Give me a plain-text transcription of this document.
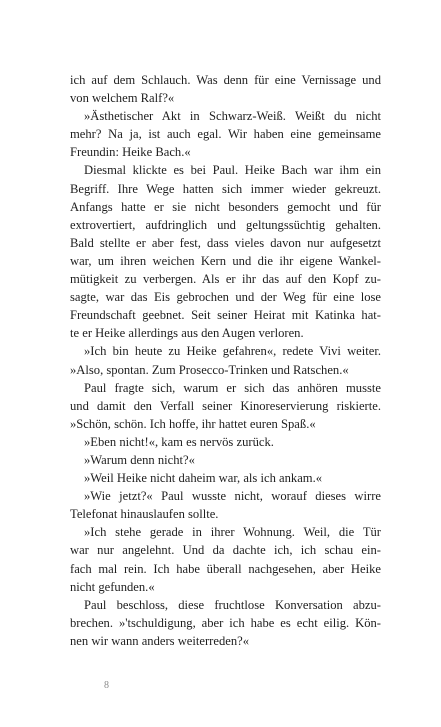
ich auf dem Schlauch. Was denn für eine Vernissage und
von welchem Ralf?«
»Ästhetischer Akt in Schwarz-Weiß. Weißt du nicht
mehr? Na ja, ist auch egal. Wir haben eine gemeinsame
Freundin: Heike Bach.«
Diesmal klickte es bei Paul. Heike Bach war ihm ein
Begriff. Ihre Wege hatten sich immer wieder gekreuzt.
Anfangs hatte er sie nicht besonders gemocht und für
extrovertiert, aufdringlich und geltungssüchtig gehalten.
Bald stellte er aber fest, dass vieles davon nur aufgesetzt
war, um ihren weichen Kern und die ihr eigene Wankel-
mütigkeit zu verbergen. Als er ihr das auf den Kopf zu-
sagte, war das Eis gebrochen und der Weg für eine lose
Freundschaft geebnet. Seit seiner Heirat mit Katinka hat-
te er Heike allerdings aus den Augen verloren.
»Ich bin heute zu Heike gefahren«, redete Vivi weiter.
»Also, spontan. Zum Prosecco-Trinken und Ratschen.«
Paul fragte sich, warum er sich das anhören musste
und damit den Verfall seiner Kinoreservierung riskierte.
»Schön, schön. Ich hoffe, ihr hattet euren Spaß.«
»Eben nicht!«, kam es nervös zurück.
»Warum denn nicht?«
»Weil Heike nicht daheim war, als ich ankam.«
»Wie jetzt?« Paul wusste nicht, worauf dieses wirre
Telefonat hinauslaufen sollte.
»Ich stehe gerade in ihrer Wohnung. Weil, die Tür
war nur angelehnt. Und da dachte ich, ich schau ein-
fach mal rein. Ich habe überall nachgesehen, aber Heike
nicht gefunden.«
Paul beschloss, diese fruchtlose Konversation abzu-
brechen. »'tschuldigung, aber ich habe es echt eilig. Kön-
nen wir wann anders weiterreden?«
8
